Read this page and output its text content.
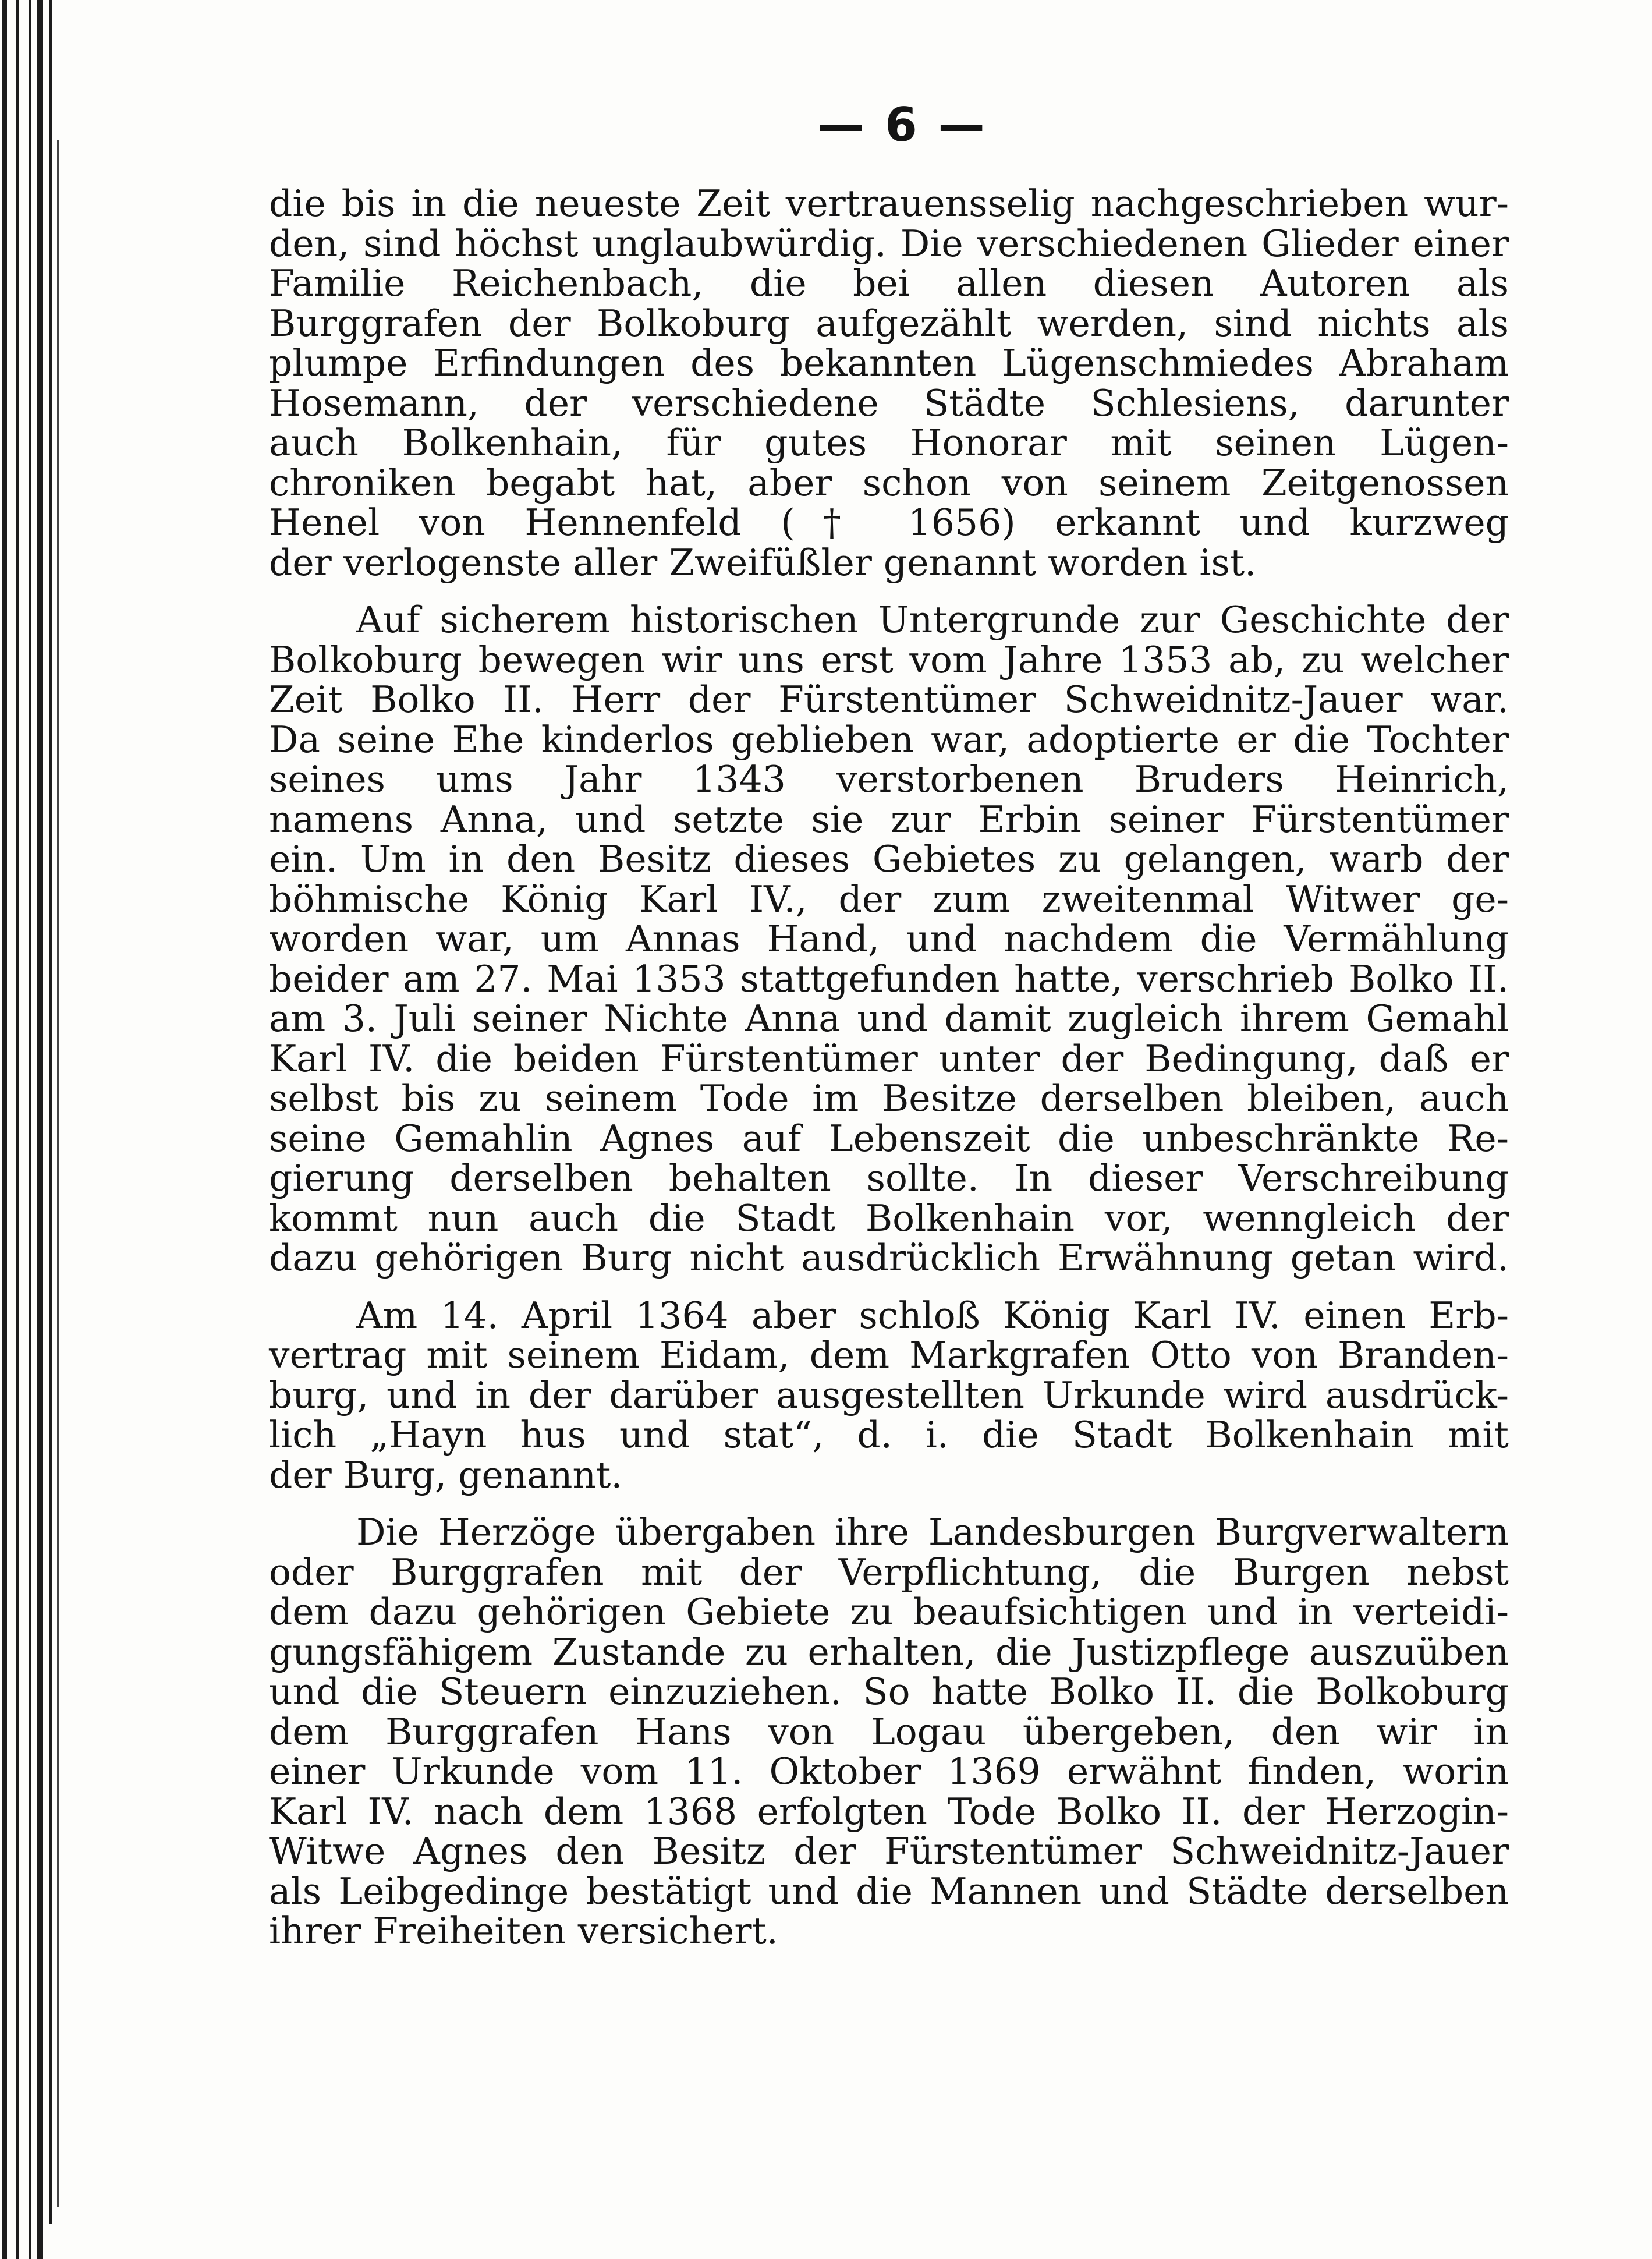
— 6 —
die bis in die neueste Zeit vertrauensselig nachgeschrieben wur-
den, sind höchst unglaubwürdig. Die verschiedenen Glieder einer
Familie Reichenbach, die bei allen diesen Autoren als
Burggrafen der Bolkoburg aufgezählt werden, sind nichts als
plumpe Erfindungen des bekannten Lügenschmiedes Abraham
Hosemann, der verschiedene Städte Schlesiens, darunter
auch Bolkenhain, für gutes Honorar mit seinen Lügen-
chroniken begabt hat, aber schon von seinem Zeitgenossen
Henel von Hennenfeld († 1656) erkannt und kurzweg
der verlogenste aller Zweifüßler genannt worden ist.
Auf sicherem historischen Untergrunde zur Geschichte der
Bolkoburg bewegen wir uns erst vom Jahre 1353 ab, zu welcher
Zeit Bolko II. Herr der Fürstentümer Schweidnitz-Jauer war.
Da seine Ehe kinderlos geblieben war, adoptierte er die Tochter
seines ums Jahr 1343 verstorbenen Bruders Heinrich,
namens Anna, und setzte sie zur Erbin seiner Fürstentümer
ein. Um in den Besitz dieses Gebietes zu gelangen, warb der
böhmische König Karl IV., der zum zweitenmal Witwer ge-
worden war, um Annas Hand, und nachdem die Vermählung
beider am 27. Mai 1353 stattgefunden hatte, verschrieb Bolko II.
am 3. Juli seiner Nichte Anna und damit zugleich ihrem Gemahl
Karl IV. die beiden Fürstentümer unter der Bedingung, daß er
selbst bis zu seinem Tode im Besitze derselben bleiben, auch
seine Gemahlin Agnes auf Lebenszeit die unbeschränkte Re-
gierung derselben behalten sollte. In dieser Verschreibung
kommt nun auch die Stadt Bolkenhain vor, wenngleich der
dazu gehörigen Burg nicht ausdrücklich Erwähnung getan wird.
Am 14. April 1364 aber schloß König Karl IV. einen Erb-
vertrag mit seinem Eidam, dem Markgrafen Otto von Branden-
burg, und in der darüber ausgestellten Urkunde wird ausdrück-
lich „Hayn hus und stat“, d. i. die Stadt Bolkenhain mit
der Burg, genannt.
Die Herzöge übergaben ihre Landesburgen Burgverwaltern
oder Burggrafen mit der Verpflichtung, die Burgen nebst
dem dazu gehörigen Gebiete zu beaufsichtigen und in verteidi-
gungsfähigem Zustande zu erhalten, die Justizpflege auszuüben
und die Steuern einzuziehen. So hatte Bolko II. die Bolkoburg
dem Burggrafen Hans von Logau übergeben, den wir in
einer Urkunde vom 11. Oktober 1369 erwähnt finden, worin
Karl IV. nach dem 1368 erfolgten Tode Bolko II. der Herzogin-
Witwe Agnes den Besitz der Fürstentümer Schweidnitz-Jauer
als Leibgedinge bestätigt und die Mannen und Städte derselben
ihrer Freiheiten versichert.
